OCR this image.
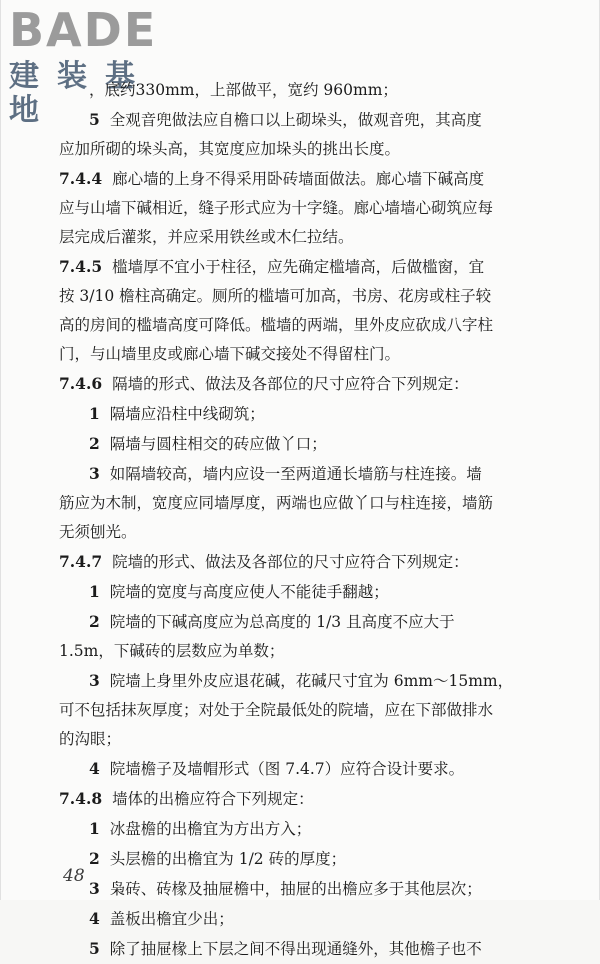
BADE
建装基地
，底约330mm，上部做平，宽约 960mm；
5 全观音兜做法应自檐口以上砌垛头，做观音兜，其高度
应加所砌的垛头高，其宽度应加垛头的挑出长度。
7.4.4 廊心墙的上身不得采用卧砖墙面做法。廊心墙下碱高度
应与山墙下碱相近，缝子形式应为十字缝。廊心墙墙心砌筑应每
层完成后灌浆，并应采用铁丝或木仁拉结。
7.4.5 槛墙厚不宜小于柱径，应先确定槛墙高，后做槛窗，宜
按 3/10 檐柱高确定。厕所的槛墙可加高，书房、花房或柱子较
高的房间的槛墙高度可降低。槛墙的两端，里外皮应砍成八字柱
门，与山墙里皮或廊心墙下碱交接处不得留柱门。
7.4.6 隔墙的形式、做法及各部位的尺寸应符合下列规定：
1 隔墙应沿柱中线砌筑；
2 隔墙与圆柱相交的砖应做丫口；
3 如隔墙较高，墙内应设一至两道通长墙筋与柱连接。墙
筋应为木制，宽度应同墙厚度，两端也应做丫口与柱连接，墙筋
无须刨光。
7.4.7 院墙的形式、做法及各部位的尺寸应符合下列规定：
1 院墙的宽度与高度应使人不能徒手翻越；
2 院墙的下碱高度应为总高度的 1/3 且高度不应大于
1.5m，下碱砖的层数应为单数；
3 院墙上身里外皮应退花碱，花碱尺寸宜为 6mm～15mm，
可不包括抹灰厚度；对处于全院最低处的院墙，应在下部做排水
的沟眼；
4 院墙檐子及墙帽形式（图 7.4.7）应符合设计要求。
7.4.8 墙体的出檐应符合下列规定：
1 冰盘檐的出檐宜为方出方入；
2 头层檐的出檐宜为 1/2 砖的厚度；
3 枭砖、砖椽及抽屉檐中，抽屉的出檐应多于其他层次；
4 盖板出檐宜少出；
5 除了抽屉椽上下层之间不得出现通缝外，其他檐子也不
48
